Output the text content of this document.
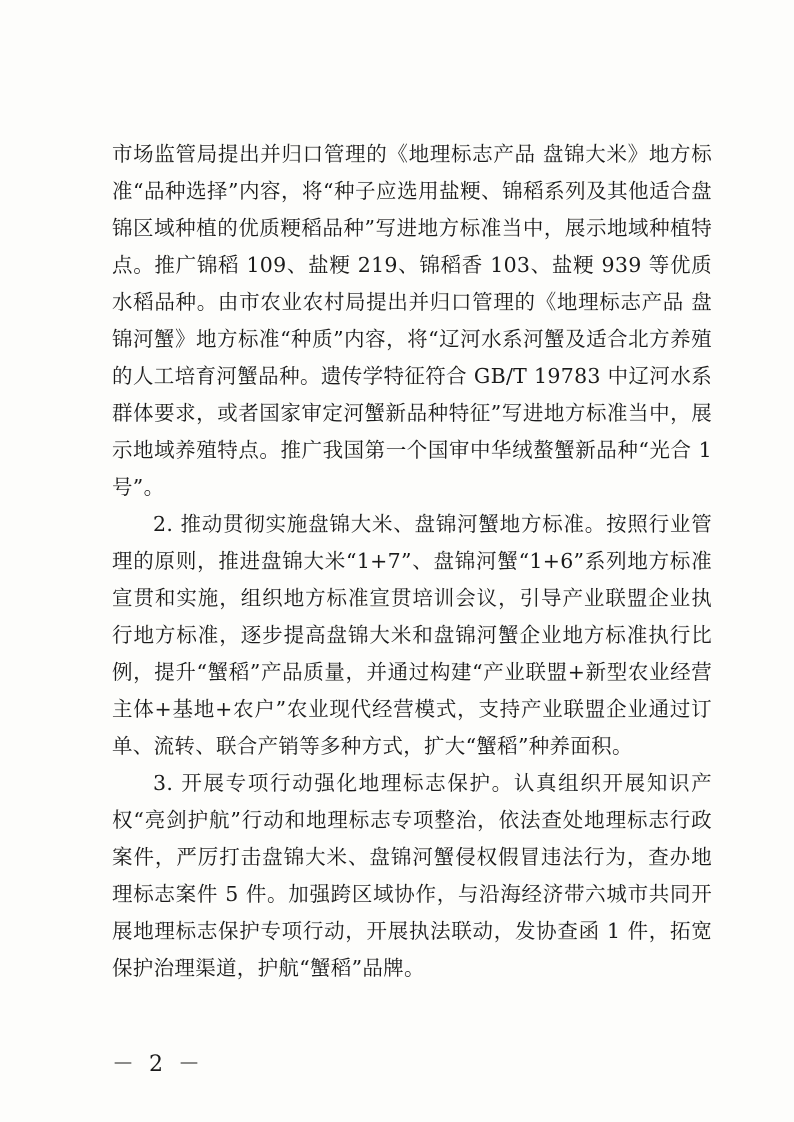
市场监管局提出并归口管理的《地理标志产品 盘锦大米》地方标准“品种选择”内容，将“种子应选用盐粳、锦稻系列及其他适合盘锦区域种植的优质粳稻品种”写进地方标准当中，展示地域种植特点。推广锦稻 109、盐粳 219、锦稻香 103、盐粳 939 等优质水稻品种。由市农业农村局提出并归口管理的《地理标志产品 盘锦河蟹》地方标准“种质”内容，将“辽河水系河蟹及适合北方养殖的人工培育河蟹品种。遗传学特征符合 GB/T 19783 中辽河水系群体要求，或者国家审定河蟹新品种特征”写进地方标准当中，展示地域养殖特点。推广我国第一个国审中华绒螯蟹新品种“光合 1 号”。

2. 推动贯彻实施盘锦大米、盘锦河蟹地方标准。按照行业管理的原则，推进盘锦大米“1+7”、盘锦河蟹“1+6”系列地方标准宣贯和实施，组织地方标准宣贯培训会议，引导产业联盟企业执行地方标准，逐步提高盘锦大米和盘锦河蟹企业地方标准执行比例，提升“蟹稻”产品质量，并通过构建“产业联盟+新型农业经营主体+基地+农户”农业现代经营模式，支持产业联盟企业通过订单、流转、联合产销等多种方式，扩大“蟹稻”种养面积。

3. 开展专项行动强化地理标志保护。认真组织开展知识产权“亮剑护航”行动和地理标志专项整治，依法查处地理标志行政案件，严厉打击盘锦大米、盘锦河蟹侵权假冒违法行为，查办地理标志案件 5 件。加强跨区域协作，与沿海经济带六城市共同开展地理标志保护专项行动，开展执法联动，发协查函 1 件，拓宽保护治理渠道，护航“蟹稻”品牌。

－ 2 －
